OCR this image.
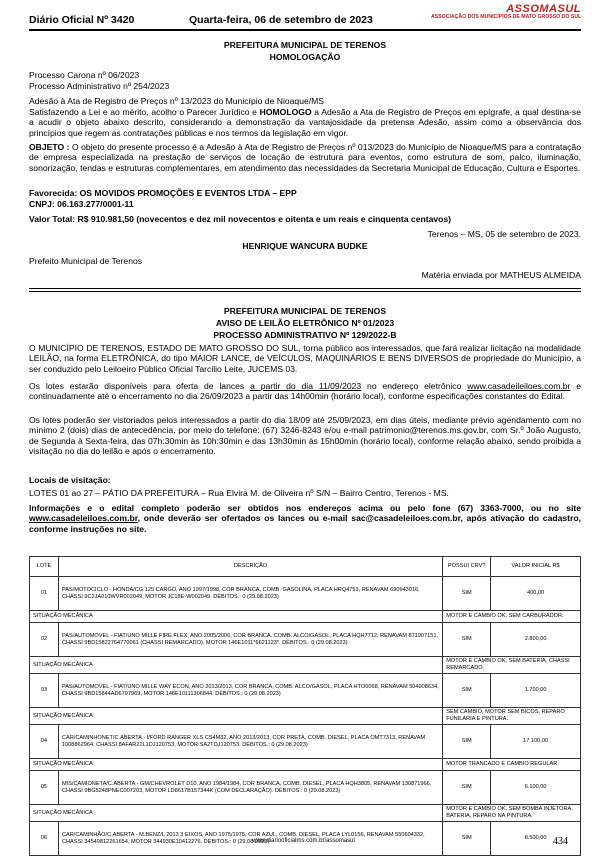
Diário Oficial Nº 3420	Quarta-feira, 06 de setembro de 2023
ASSOMASUL
ASSOCIAÇÃO DOS MUNICÍPIOS DE MATO GROSSO DO SUL
PREFEITURA MUNICIPAL DE TERENOS
HOMOLOGAÇÃO
Processo Carona nº 06/2023
Processo Administrativo nº 254/2023
Adesão à Ata de Registro de Preços nº 13/2023 do Município de Nioaque/MS
Satisfazendo a Lei e ao mérito, acolho o Parecer Jurídico e HOMOLOGO a Adesão a Ata de Registro de Preços em epígrafe, a qual destina-se a acudir o objeto abaixo descrito, considerando a demonstração da vantajosidade da pretensa Adesão, assim como a observância dos princípios que regem as contratações públicas e nos termos da legislação em vigor.
OBJETO : O objeto do presente processo é a Adesão à Ata de Registro de Preços nº 013/2023 do Município de Nioaque/MS para a contratação de empresa especializada na prestação de serviços de locação de estrutura para eventos, como estrutura de som, palco, iluminação, sonorização, tendas e estruturas complementares, em atendimento das necessidades da Secretaria Municipal de Educação, Cultura e Esportes.
Favorecida: OS MOVIDOS PROMOÇÕES E EVENTOS LTDA – EPP
CNPJ: 06.163.277/0001-11
Valor Total: R$ 910.981,50 (novecentos e dez mil novecentos e oitenta e um reais e cinquenta centavos)
Terenos – MS, 05 de setembro de 2023.
HENRIQUE WANCURA BUDKE
Prefeito Municipal de Terenos
Matéria enviada por MATHEUS ALMEIDA
PREFEITURA MUNICIPAL DE TERENOS
AVISO DE LEILÃO ELETRÔNICO Nº 01/2023
PROCESSO ADMINISTRATIVO Nº 129/2022-B
O MUNICÍPIO DE TERENOS, ESTADO DE MATO GROSSO DO SUL, torna público aos interessados, que fará realizar licitação na modalidade LEILÃO, na forma ELETRÔNICA, do tipo MAIOR LANCE, de VEÍCULOS, MAQUINÁRIOS E BENS DIVERSOS de propriedade do Município, a ser conduzido pelo Leiloeiro Público Oficial Tarcilio Leite, JUCEMS 03.
Os lotes estarão disponíveis para oferta de lances a partir do dia 11/09/2023 no endereço eletrônico www.casadeileiloes.com.br e continuadamente até o encerramento no dia 26/09/2023 a partir das 14h00min (horário local), conforme especificações constantes do Edital.
Os lotes poderão ser vistoriados pelos interessados a partir do dia 18/09 até 25/09/2023, em dias úteis, mediante prévio agendamento com no mínimo 2 (dois) dias de antecedência, por meio do telefone: (67) 3246-8243 e/ou e-mail patrimonio@terenos.ms.gov.br, com Sr.º João Augusto, de Segunda à Sexta-feira, das 07h:30min às 10h:30min e das 13h30min às 15h00min (horário local), conforme relação abaixo, sendo proibida a visitação no dia do leilão e após o encerramento.
Locais de visitação:
LOTES 01 ao 27 – PÁTIO DA PREFEITURA – Rua Elvira M. de Oliveira nº S/N – Bairro Centro, Terenos - MS.
Informações e o edital completo poderão ser obtidos nos endereços acima ou pelo fone (67) 3363-7000, ou no site www.casadeleiloes.com.br, onde deverão ser ofertados os lances ou e-mail sac@casadeleiloes.com.br, após ativação do cadastro, conforme instruções no site.
LOTE	DESCRIÇÃO	POSSUI CRV?	VALOR INICIAL R$
01	PAS/MOTOCICLO - HONDA/CG 125 CARGO, ANO 1997/1998, COR BRANCA, COMB. GASOLINA, PLACA HRQ4753, RENAVAM 690943016, CHASSI 9C2JA010WVR002049, MOTOR JC18E-W002049. DÉBITOS.: 0 (29.08.2023)	SIM	400,00
SITUAÇÃO MECÂNICA		MOTOR E CAMBIO OK, SEM CARBURADOR.	
02	PAS/AUTOMOVEL - FIAT/UNO MILLE FIRE FLEX, ANO 2005/2006, COR BRANCA, COMB. ALCO/GASOL, PLACA HQH7712, RENAVAM 871907151, CHASSI 9BD15822764770061 (CHASSI REMARCADO), MOTOR 146E1011*6621123*. DÉBITOS.: 0 (29.08.2023)	SIM	2.800,00
SITUAÇÃO MECÂNICA		MOTOR E CAMBIO OK, SEM BATERIA, CHASSI REMARCADO.	
03	PAS/AUTOMOVEL - FIAT/UNO MILLE WAY ECON, ANO 2013/2013, COR BRANCA, COMB. ALCO/GASOL, PLACA HTO0068, RENAVAM 504908634, CHASSI 9BD15844AD6797969, MOTOR 146E10111306844. DÉBITOS.: 0 (29.08.2023)	SIM	1.700,00
SITUAÇÃO MECÂNICA		SEM CAMBIO, MOTOR SEM BICOS, REPARO FUNILARIA E PINTURA.	
04	CAR/CAMINHONET/C.ABERTA - I/FORD RANGER XLS CS4M32, ANO 2013/2013, COR PRETA, COMB. DIESEL, PLACA OMT7313, RENAVAM 1008862964, CHASSI 8AFAR21L1DJ120753, MOTOR SA2TDJ120753. DÉBITOS.: 0 (29.08.2023)	SIM	17.100,00
SITUAÇÃO MECÂNICA		MOTOR TRANCADO E CAMBIO REGULAR.	
05	MIS/CAMIONETA/C.ABERTA - GM/CHEVROLET D10, ANO 1984/1984, COR BRANCA, COMB. DIESEL, PLACA HQH3805, RENAVAM 130871966, CHASSI 9BG5248PNEC007203, MOTOR LD8617B157344K (COM DECLARAÇÃO). DÉBITOS.: 0 (29.08.2023)	SIM	6.100,00
SITUAÇÃO MECÂNICA		MOTOR E CAMBIO OK, SEM BOMBA INJETORA, BATERIA, REPARO NA PINTURA.	
06	CAR/CAMINHÃO/C.ABERTA - M.BENZ/L 2013 3 EIXOS, ANO 1975/1975, COR AZUL, COMB. DIESEL, PLACA LYL0156, RENAVAM 550604332, CHASSI 34540812261654, MOTOR 344930E10412276. DÉBITOS.: 0 (29.08.2023)	SIM	8.500,00
www.diariooficialms.com.br/assomasul	434
